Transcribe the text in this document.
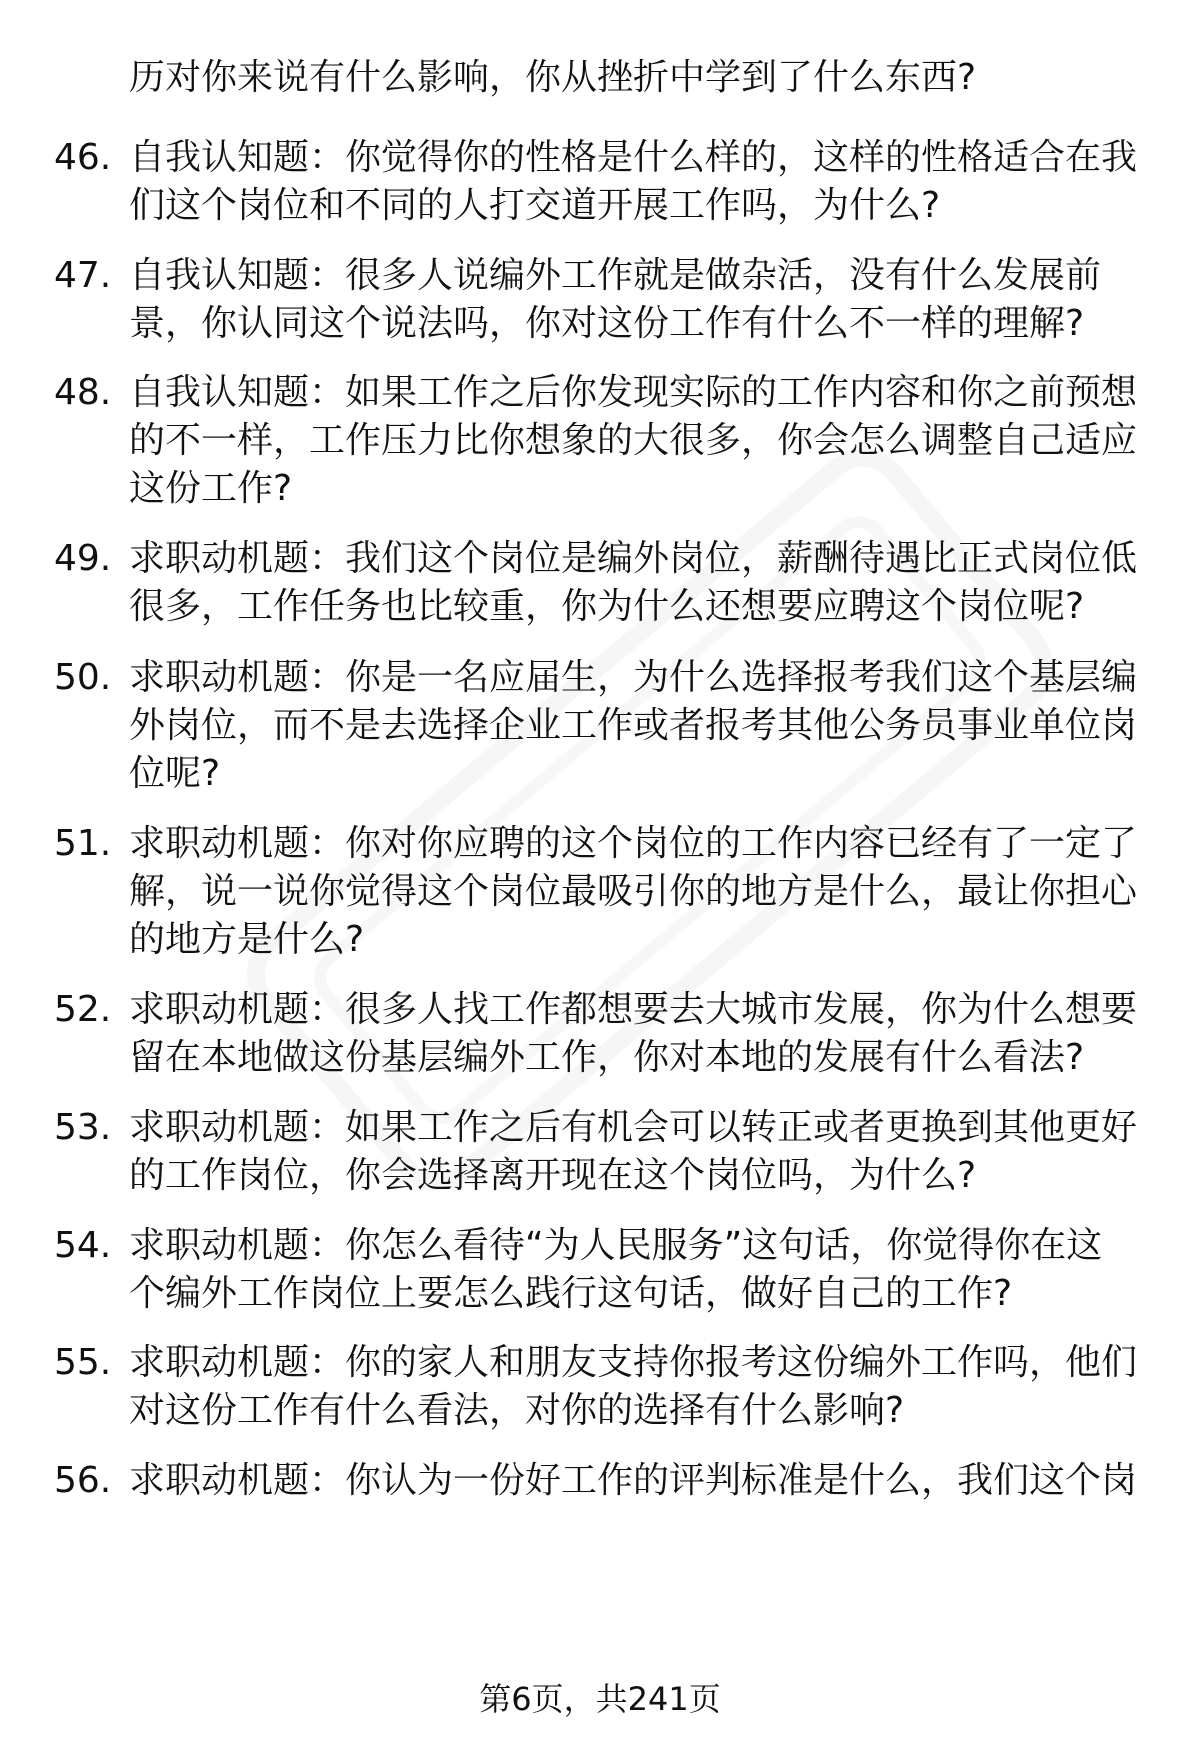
历对你来说有什么影响，你从挫折中学到了什么东西?
46. 自我认知题：你觉得你的性格是什么样的，这样的性格适合在我
们这个岗位和不同的人打交道开展工作吗，为什么?
47. 自我认知题：很多人说编外工作就是做杂活，没有什么发展前
景，你认同这个说法吗，你对这份工作有什么不一样的理解?
48. 自我认知题：如果工作之后你发现实际的工作内容和你之前预想
的不一样，工作压力比你想象的大很多，你会怎么调整自己适应
这份工作?
49. 求职动机题：我们这个岗位是编外岗位，薪酬待遇比正式岗位低
很多，工作任务也比较重，你为什么还想要应聘这个岗位呢?
50. 求职动机题：你是一名应届生，为什么选择报考我们这个基层编
外岗位，而不是去选择企业工作或者报考其他公务员事业单位岗
位呢?
51. 求职动机题：你对你应聘的这个岗位的工作内容已经有了一定了
解，说一说你觉得这个岗位最吸引你的地方是什么，最让你担心
的地方是什么?
52. 求职动机题：很多人找工作都想要去大城市发展，你为什么想要
留在本地做这份基层编外工作，你对本地的发展有什么看法?
53. 求职动机题：如果工作之后有机会可以转正或者更换到其他更好
的工作岗位，你会选择离开现在这个岗位吗，为什么?
54. 求职动机题：你怎么看待“为人民服务”这句话，你觉得你在这
个编外工作岗位上要怎么践行这句话，做好自己的工作?
55. 求职动机题：你的家人和朋友支持你报考这份编外工作吗，他们
对这份工作有什么看法，对你的选择有什么影响?
56. 求职动机题：你认为一份好工作的评判标准是什么，我们这个岗
第6页，共241页
